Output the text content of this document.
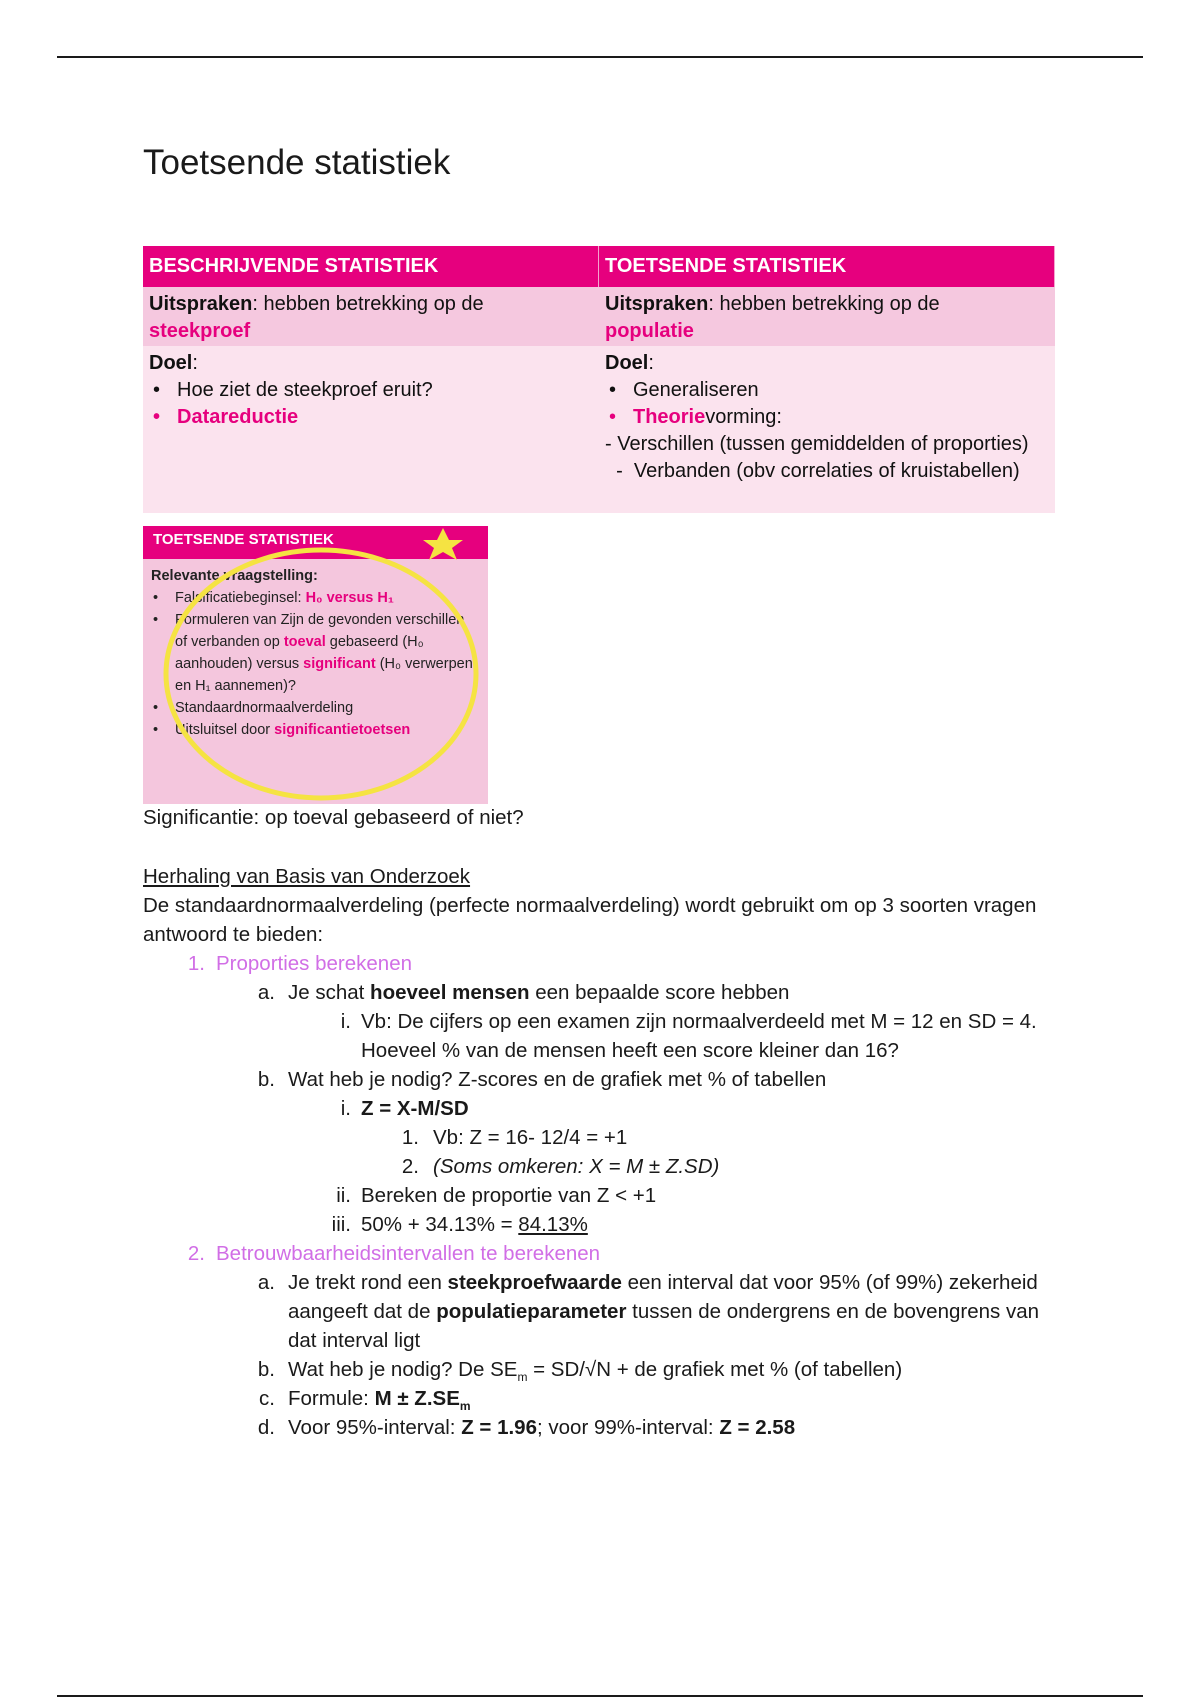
Toetsende statistiek
BESCHRIJVENDE STATISTIEK	TOETSENDE STATISTIEK
Uitspraken: hebben betrekking op de
steekproef
Uitspraken: hebben betrekking op de
populatie
Doel:
• Hoe ziet de steekproef eruit?
• Datareductie
Doel:
• Generaliseren
• Theorievorming:
- Verschillen (tussen gemiddelden of proporties)
-  Verbanden (obv correlaties of kruistabellen)
TOETSENDE STATISTIEK
Relevante vraagstelling:
• Falsificatiebeginsel: H₀ versus H₁
• Formuleren van Zijn de gevonden verschillen of verbanden op toeval gebaseerd (H₀ aanhouden) versus significant (H₀ verwerpen en H₁ aannemen)?
• Standaardnormaalverdeling
• Uitsluitsel door significantietoetsen

Significantie: op toeval gebaseerd of niet?

Herhaling van Basis van Onderzoek

De standaardnormaalverdeling (perfecte normaalverdeling) wordt gebruikt om op 3 soorten vragen antwoord te bieden:

1. Proporties berekenen
a. Je schat hoeveel mensen een bepaalde score hebben
i. Vb: De cijfers op een examen zijn normaalverdeeld met M = 12 en SD = 4. Hoeveel % van de mensen heeft een score kleiner dan 16?
b. Wat heb je nodig? Z-scores en de grafiek met % of tabellen
i. Z = X-M/SD
1. Vb: Z = 16- 12/4 = +1
2. (Soms omkeren: X = M ± Z.SD)
ii. Bereken de proportie van Z < +1
iii. 50% + 34.13% = 84.13%
2. Betrouwbaarheidsintervallen te berekenen
a. Je trekt rond een steekproefwaarde een interval dat voor 95% (of 99%) zekerheid aangeeft dat de populatieparameter tussen de ondergrens en de bovengrens van dat interval ligt
b. Wat heb je nodig? De $SE_m = SD/√N$ + de grafiek met % (of tabellen)
c. Formule: $M \pm Z.SE_m$
d. Voor 95%-interval: Z = 1.96; voor 99%-interval: Z = 2.58
